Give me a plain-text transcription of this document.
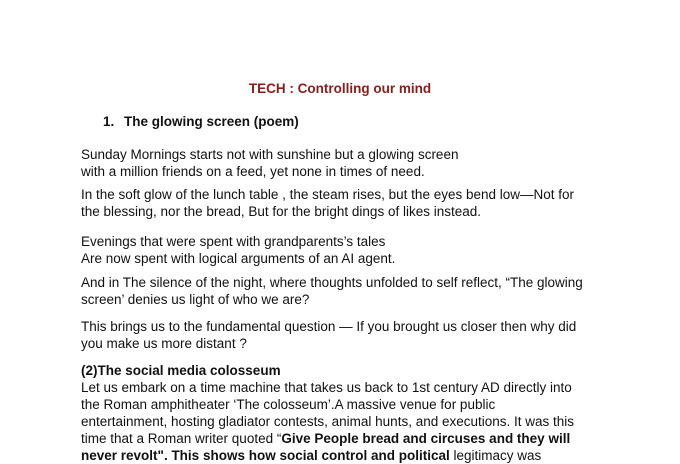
TECH : Controlling our mind
1. The glowing screen (poem)

Sunday Mornings starts not with sunshine but a glowing screen
with a million friends on a feed, yet none in times of need.

In the soft glow of the lunch table , the steam rises, but the eyes bend low—Not for
the blessing, nor the bread, But for the bright dings of likes instead.

Evenings that were spent with grandparents’s tales
Are now spent with logical arguments of an AI agent.

And in The silence of the night, where thoughts unfolded to self reflect, “The glowing
screen’ denies us light of who we are?

This brings us to the fundamental question — If you brought us closer then why did
you make us more distant ?

(2)The social media colosseum
Let us embark on a time machine that takes us back to 1st century AD directly into
the Roman amphitheater ‘The colosseum’.A massive venue for public
entertainment, hosting gladiator contests, animal hunts, and executions. It was this
time that a Roman writer quoted “Give People bread and circuses and they will
never revolt". This shows how social control and political legitimacy was
